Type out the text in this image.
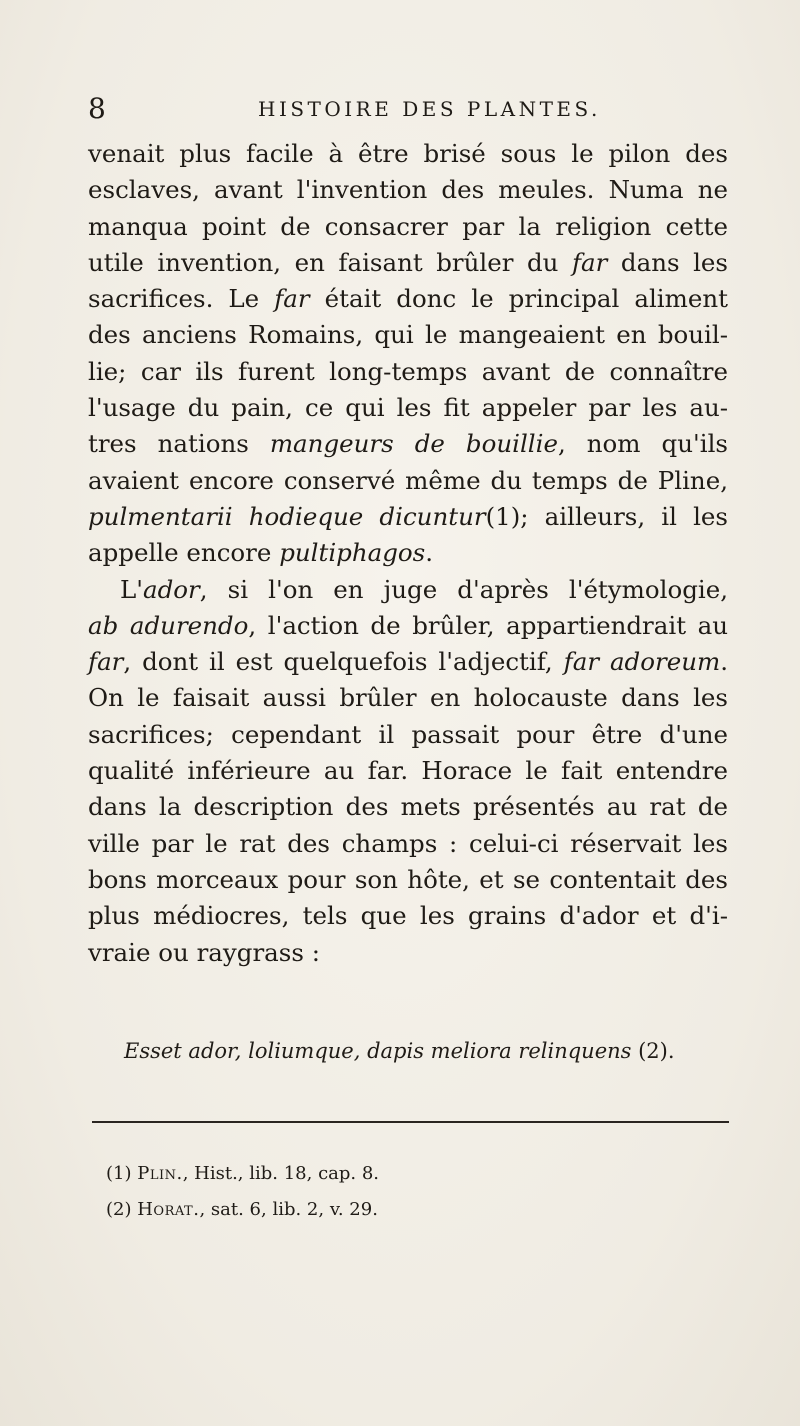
8	HISTOIRE DES PLANTES.
venait plus facile à être brisé sous le pilon des
esclaves, avant l'invention des meules. Numa ne
manqua point de consacrer par la religion cette
utile invention, en faisant brûler du far dans les
sacrifices. Le far était donc le principal aliment
des anciens Romains, qui le mangeaient en bouil-
lie; car ils furent long-temps avant de connaître
l'usage du pain, ce qui les fit appeler par les au-
tres nations mangeurs de bouillie, nom qu'ils
avaient encore conservé même du temps de Pline,
pulmentarii hodieque dicuntur(1); ailleurs, il les
appelle encore pultiphagos.
L'ador, si l'on en juge d'après l'étymologie,
ab adurendo, l'action de brûler, appartiendrait au
far, dont il est quelquefois l'adjectif, far adoreum.
On le faisait aussi brûler en holocauste dans les
sacrifices; cependant il passait pour être d'une
qualité inférieure au far. Horace le fait entendre
dans la description des mets présentés au rat de
ville par le rat des champs : celui-ci réservait les
bons morceaux pour son hôte, et se contentait des
plus médiocres, tels que les grains d'ador et d'i-
vraie ou raygrass :
Esset ador, loliumque, dapis meliora relinquens (2).
(1) Plin., Hist., lib. 18, cap. 8.
(2) Horat., sat. 6, lib. 2, v. 29.
